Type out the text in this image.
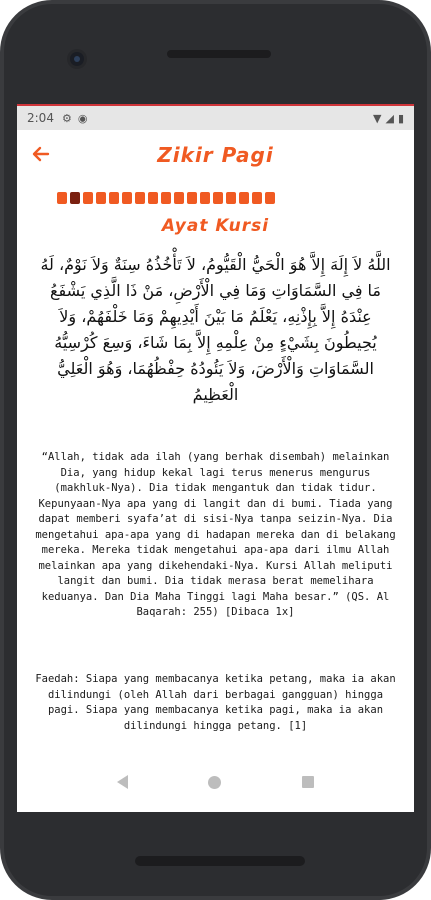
2:04 ⚙ ◉	▼ ◢ ▮
Zikir Pagi
Ayat Kursi
اللَّهُ لاَ إِلَهَ إِلاَّ هُوَ الْحَيُّ الْقَيُّومُ، لاَ تَأْخُذُهُ سِنَةٌ وَلاَ نَوْمٌ، لَهُ مَا فِي السَّمَاوَاتِ وَمَا فِي الْأَرْضِ، مَنْ ذَا الَّذِي يَشْفَعُ عِنْدَهُ إِلاَّ بِإِذْنِهِ، يَعْلَمُ مَا بَيْنَ أَيْدِيهِمْ وَمَا خَلْفَهُمْ، وَلاَ يُحِيطُونَ بِشَيْءٍ مِنْ عِلْمِهِ إِلاَّ بِمَا شَاءَ، وَسِعَ كُرْسِيُّهُ السَّمَاوَاتِ وَالْأَرْضَ، وَلاَ يَئُودُهُ حِفْظُهُمَا، وَهُوَ الْعَلِيُّ الْعَظِيمُ
“Allah, tidak ada ilah (yang berhak disembah) melainkan Dia, yang hidup kekal lagi terus menerus mengurus (makhluk-Nya). Dia tidak mengantuk dan tidak tidur. Kepunyaan-Nya apa yang di langit dan di bumi. Tiada yang dapat memberi syafa’at di sisi-Nya tanpa seizin-Nya. Dia mengetahui apa-apa yang di hadapan mereka dan di belakang mereka. Mereka tidak mengetahui apa-apa dari ilmu Allah melainkan apa yang dikehendaki-Nya. Kursi Allah meliputi langit dan bumi. Dia tidak merasa berat memelihara keduanya. Dan Dia Maha Tinggi lagi Maha besar.” (QS. Al Baqarah: 255) [Dibaca 1x]
Faedah: Siapa yang membacanya ketika petang, maka ia akan dilindungi (oleh Allah dari berbagai gangguan) hingga pagi. Siapa yang membacanya ketika pagi, maka ia akan dilindungi hingga petang. [1]
